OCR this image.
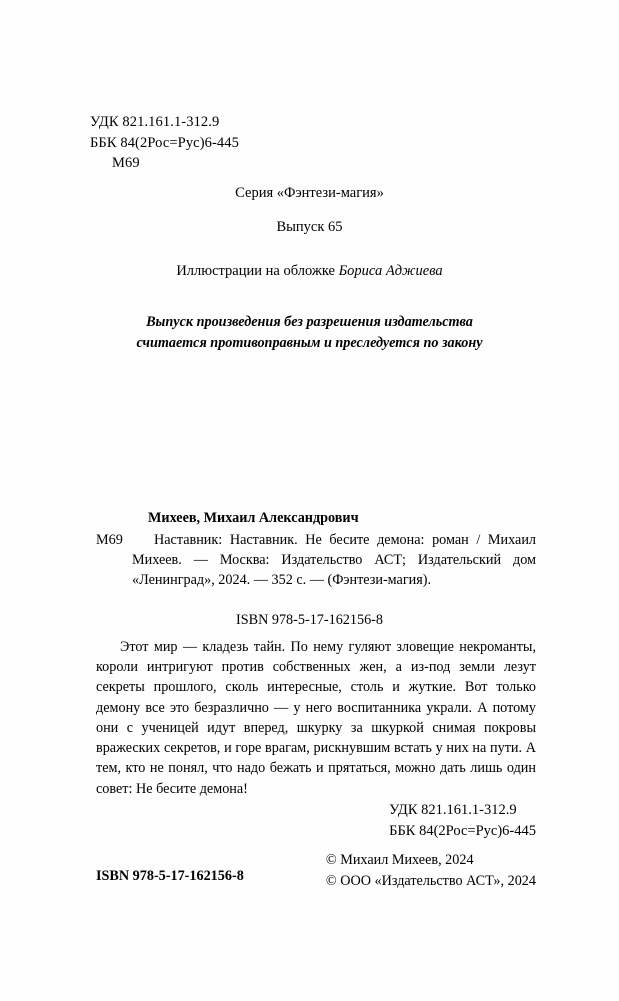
УДК 821.161.1-312.9
ББК 84(2Рос=Рус)6-445
М69
Серия «Фэнтези-магия»
Выпуск 65
Иллюстрации на обложке Бориса Аджиева
Выпуск произведения без разрешения издательства
считается противоправным и преследуется по закону
Михеев, Михаил Александрович
М69	Наставник: Наставник. Не бесите демона: роман / Михаил Михеев. — Москва: Издательство АСТ; Издательский дом «Ленинград», 2024. — 352 с. — (Фэнтези-магия).
ISBN 978-5-17-162156-8
Этот мир — кладезь тайн. По нему гуляют зловещие некроманты, короли интригуют против собственных жен, а из-под земли лезут секреты прошлого, сколь интересные, столь и жуткие. Вот только демону все это безразлично — у него воспитанника украли. А потому они с ученицей идут вперед, шкурку за шкуркой снимая покровы вражеских секретов, и горе врагам, рискнувшим встать у них на пути. А тем, кто не понял, что надо бежать и прятаться, можно дать лишь один совет: Не бесите демона!
УДК 821.161.1-312.9
ББК 84(2Рос=Рус)6-445
© Михаил Михеев, 2024
© ООО «Издательство АСТ», 2024
ISBN 978-5-17-162156-8
